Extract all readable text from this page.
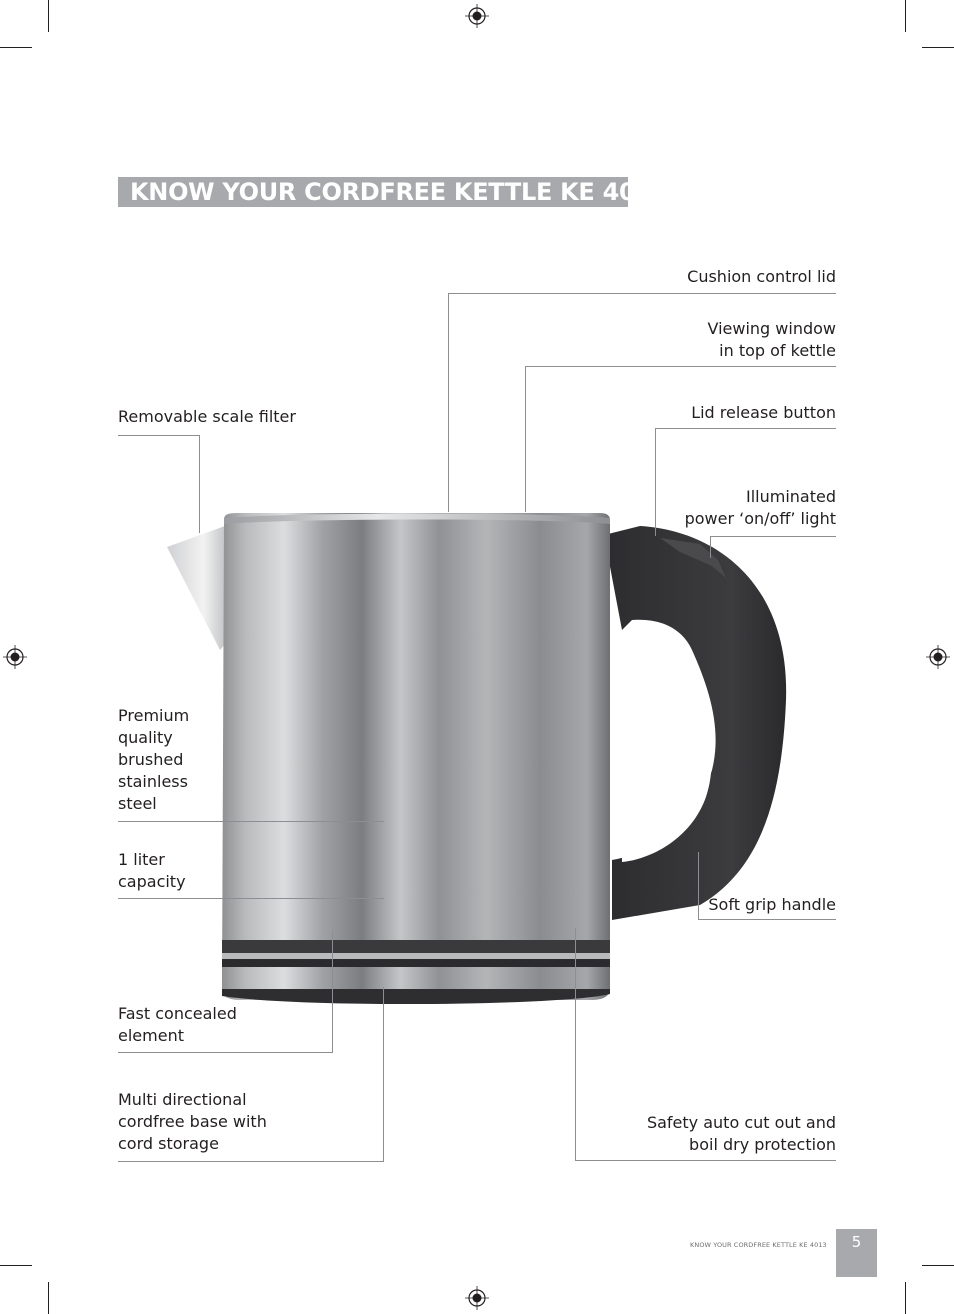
KNOW YOUR CORDFREE KETTLE KE 4013
Cushion control lid
Viewing window
in top of kettle
Lid release button
Illuminated
power ‘on/off’ light
Soft grip handle
Safety auto cut out and
boil dry protection
Removable scale filter
Premium
quality
brushed
stainless
steel
1 liter
capacity
Fast concealed
element
Multi directional
cordfree base with
cord storage
KNOW YOUR CORDFREE KETTLE KE 4013	5
